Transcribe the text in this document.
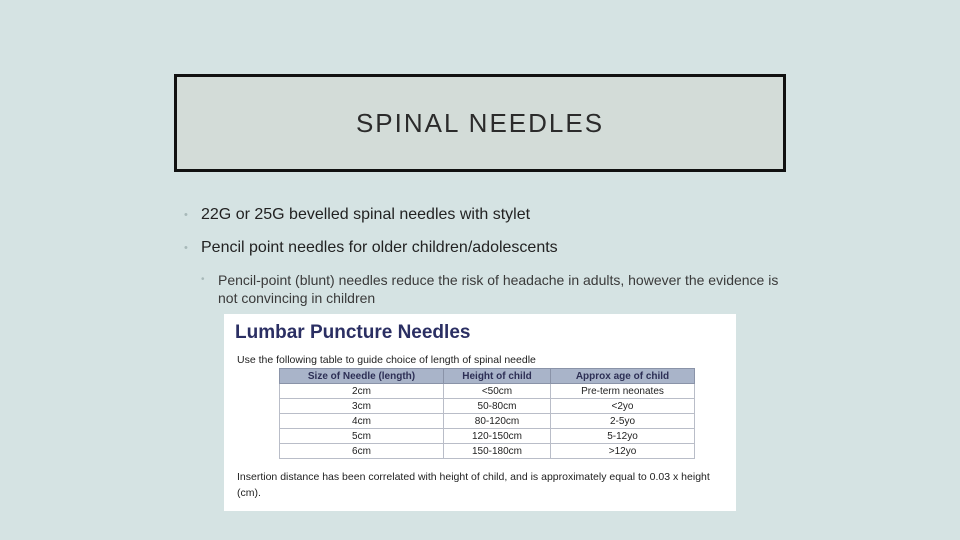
SPINAL NEEDLES
• 22G or 25G bevelled spinal needles with stylet
• Pencil point needles for older children/adolescents
• Pencil-point (blunt) needles reduce the risk of headache in adults, however the evidence is not convincing in children
Lumbar Puncture Needles
Use the following table to guide choice of length of spinal needle
Size of Needle (length)	Height of child	Approx age of child
2cm	<50cm	Pre-term neonates
3cm	50-80cm	<2yo
4cm	80-120cm	2-5yo
5cm	120-150cm	5-12yo
6cm	150-180cm	>12yo
Insertion distance has been correlated with height of child, and is approximately equal to 0.03 x height (cm).
